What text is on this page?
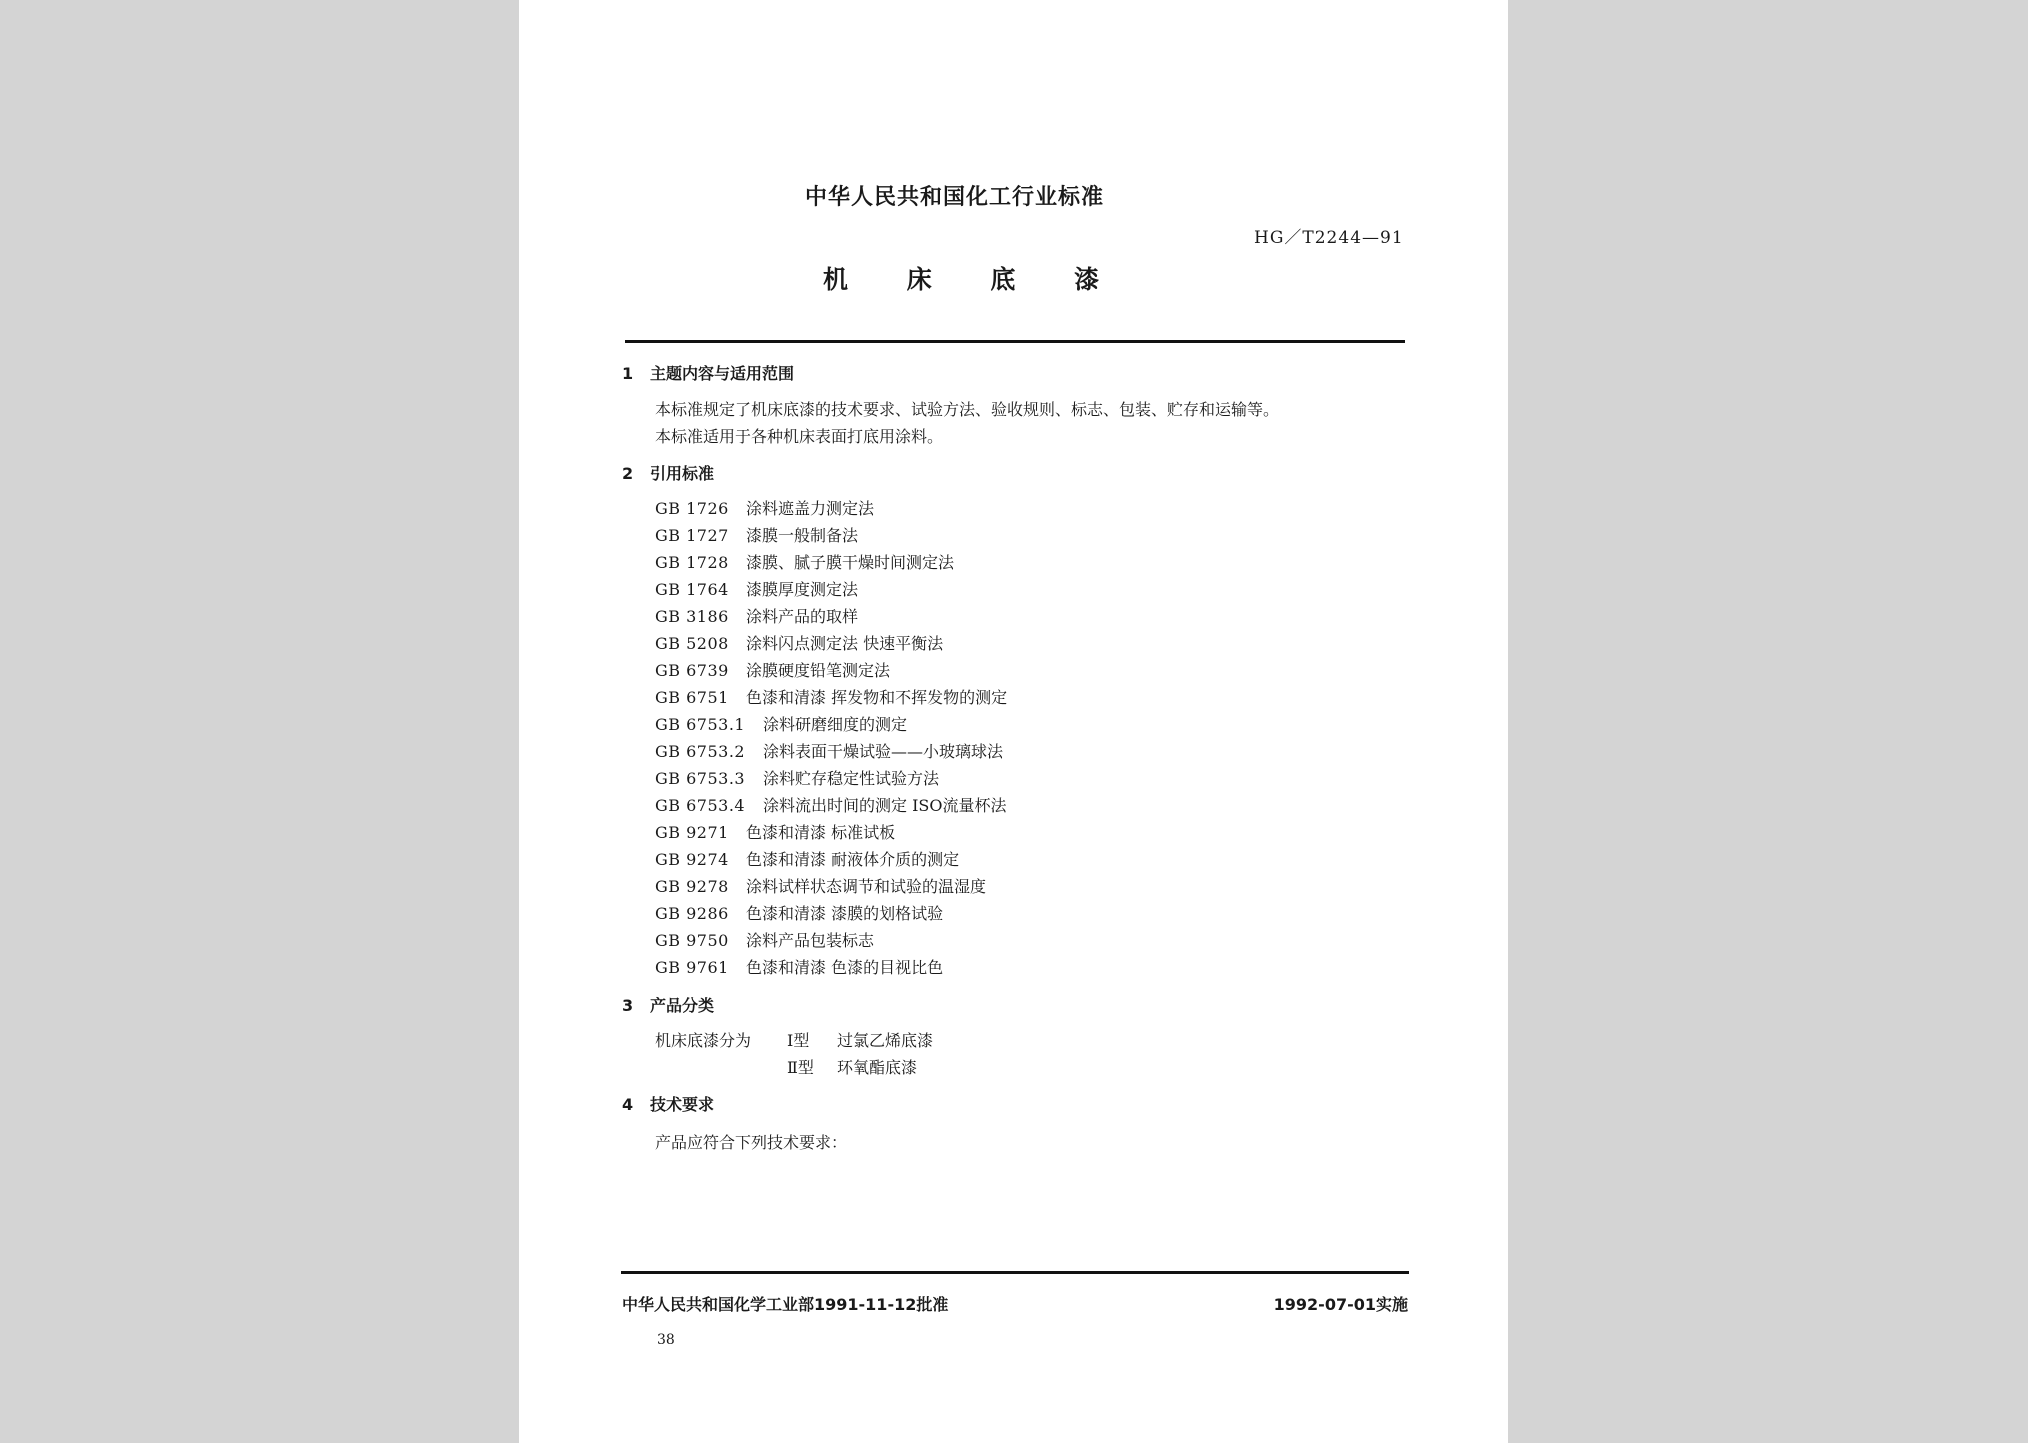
中华人民共和国化工行业标准
HG／T2244—91
机 床 底 漆
1 主题内容与适用范围
本标准规定了机床底漆的技术要求、试验方法、验收规则、标志、包装、贮存和运输等。
本标准适用于各种机床表面打底用涂料。
2 引用标准
GB 1726 涂料遮盖力测定法
GB 1727 漆膜一般制备法
GB 1728 漆膜、腻子膜干燥时间测定法
GB 1764 漆膜厚度测定法
GB 3186 涂料产品的取样
GB 5208 涂料闪点测定法 快速平衡法
GB 6739 涂膜硬度铅笔测定法
GB 6751 色漆和清漆 挥发物和不挥发物的测定
GB 6753.1 涂料研磨细度的测定
GB 6753.2 涂料表面干燥试验——小玻璃球法
GB 6753.3 涂料贮存稳定性试验方法
GB 6753.4 涂料流出时间的测定 ISO流量杯法
GB 9271 色漆和清漆 标准试板
GB 9274 色漆和清漆 耐液体介质的测定
GB 9278 涂料试样状态调节和试验的温湿度
GB 9286 色漆和清漆 漆膜的划格试验
GB 9750 涂料产品包装标志
GB 9761 色漆和清漆 色漆的目视比色
3 产品分类
机床底漆分为 Ⅰ型 过氯乙烯底漆
Ⅱ型 环氧酯底漆
4 技术要求
产品应符合下列技术要求：
中华人民共和国化学工业部1991-11-12批准	1992-07-01实施
38
